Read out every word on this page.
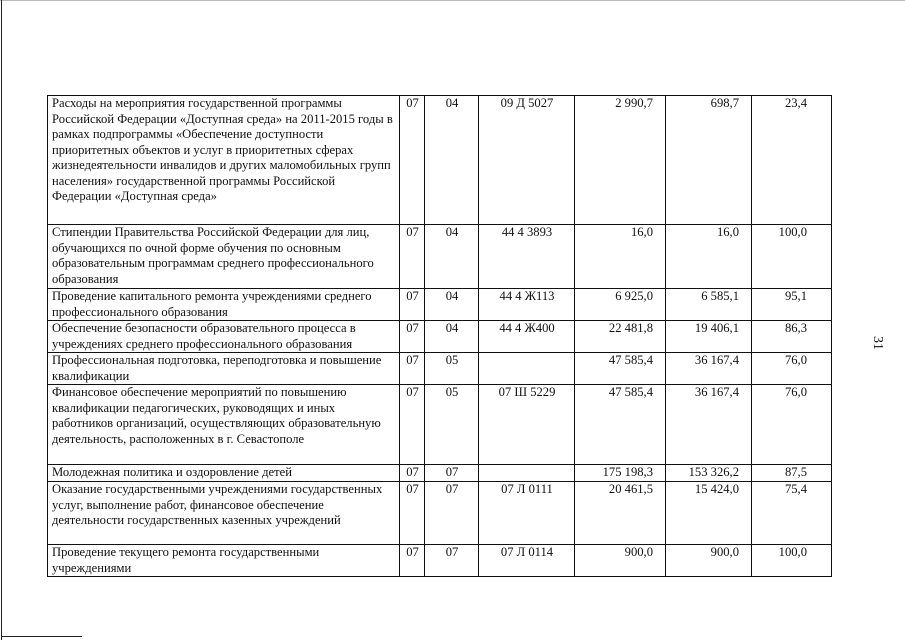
Расходы на мероприятия государственной программы Российской Федерации «Доступная среда» на 2011-2015 годы в рамках подпрограммы «Обеспечение доступности приоритетных объектов и услуг в приоритетных сферах жизнедеятельности инвалидов и других маломобильных групп населения» государственной программы Российской Федерации «Доступная среда»	07	04	09 Д 5027	2 990,7	698,7	23,4
Стипендии Правительства Российской Федерации для лиц, обучающихся по очной форме обучения по основным образовательным программам среднего профессионального образования	07	04	44 4 3893	16,0	16,0	100,0
Проведение капитального ремонта учреждениями среднего профессионального образования	07	04	44 4 Ж113	6 925,0	6 585,1	95,1
Обеспечение безопасности образовательного процесса в учреждениях среднего профессионального образования	07	04	44 4 Ж400	22 481,8	19 406,1	86,3
Профессиональная подготовка, переподготовка и повышение квалификации	07	05		47 585,4	36 167,4	76,0
Финансовое обеспечение мероприятий по повышению квалификации педагогических, руководящих и иных работников организаций, осуществляющих образовательную деятельность, расположенных в г. Севастополе	07	05	07 Ш 5229	47 585,4	36 167,4	76,0
Молодежная политика и оздоровление детей	07	07		175 198,3	153 326,2	87,5
Оказание государственными учреждениями государственных услуг, выполнение работ, финансовое обеспечение деятельности государственных казенных учреждений	07	07	07 Л 0111	20 461,5	15 424,0	75,4
Проведение текущего ремонта государственными учреждениями	07	07	07 Л 0114	900,0	900,0	100,0
31
